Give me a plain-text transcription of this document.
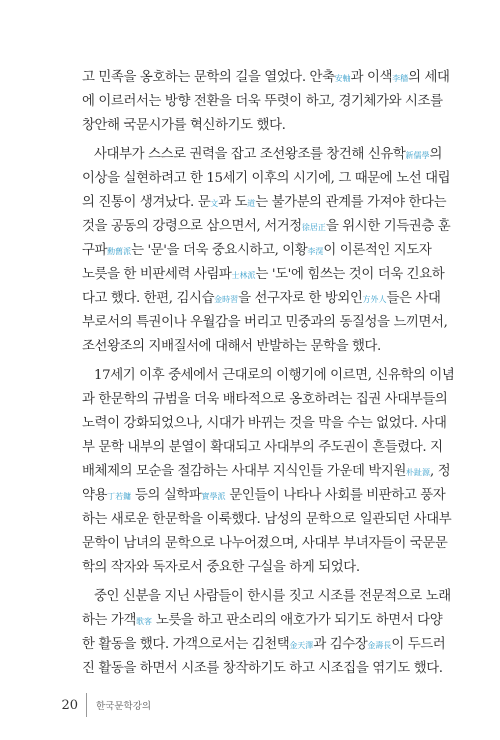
고 민족을 옹호하는 문학의 길을 열었다. 안축安軸과 이색李穡의 세대
에 이르러서는 방향 전환을 더욱 뚜렷이 하고, 경기체가와 시조를
창안해 국문시가를 혁신하기도 했다.
사대부가 스스로 권력을 잡고 조선왕조를 창건해 신유학新儒學의
이상을 실현하려고 한 15세기 이후의 시기에, 그 때문에 노선 대립
의 진통이 생겨났다. 문文과 도道는 불가분의 관계를 가져야 한다는
것을 공동의 강령으로 삼으면서, 서거정徐居正을 위시한 기득권층 훈
구파勳舊派는 '문'을 더욱 중요시하고, 이황李滉이 이론적인 지도자
노릇을 한 비판세력 사림파士林派는 '도'에 힘쓰는 것이 더욱 긴요하
다고 했다. 한편, 김시습金時習을 선구자로 한 방외인方外人들은 사대
부로서의 특권이나 우월감을 버리고 민중과의 동질성을 느끼면서,
조선왕조의 지배질서에 대해서 반발하는 문학을 했다.
17세기 이후 중세에서 근대로의 이행기에 이르면, 신유학의 이념
과 한문학의 규범을 더욱 배타적으로 옹호하려는 집권 사대부들의
노력이 강화되었으나, 시대가 바뀌는 것을 막을 수는 없었다. 사대
부 문학 내부의 분열이 확대되고 사대부의 주도권이 흔들렸다. 지
배체제의 모순을 절감하는 사대부 지식인들 가운데 박지원朴趾源, 정
약용丁若鏞 등의 실학파實學派 문인들이 나타나 사회를 비판하고 풍자
하는 새로운 한문학을 이룩했다. 남성의 문학으로 일관되던 사대부
문학이 남녀의 문학으로 나누어졌으며, 사대부 부녀자들이 국문문
학의 작자와 독자로서 중요한 구실을 하게 되었다.
중인 신분을 지닌 사람들이 한시를 짓고 시조를 전문적으로 노래
하는 가객歌客 노릇을 하고 판소리의 애호가가 되기도 하면서 다양
한 활동을 했다. 가객으로서는 김천택金天澤과 김수장金壽長이 두드러
진 활동을 하면서 시조를 창작하기도 하고 시조집을 엮기도 했다.
20	한국문학강의
